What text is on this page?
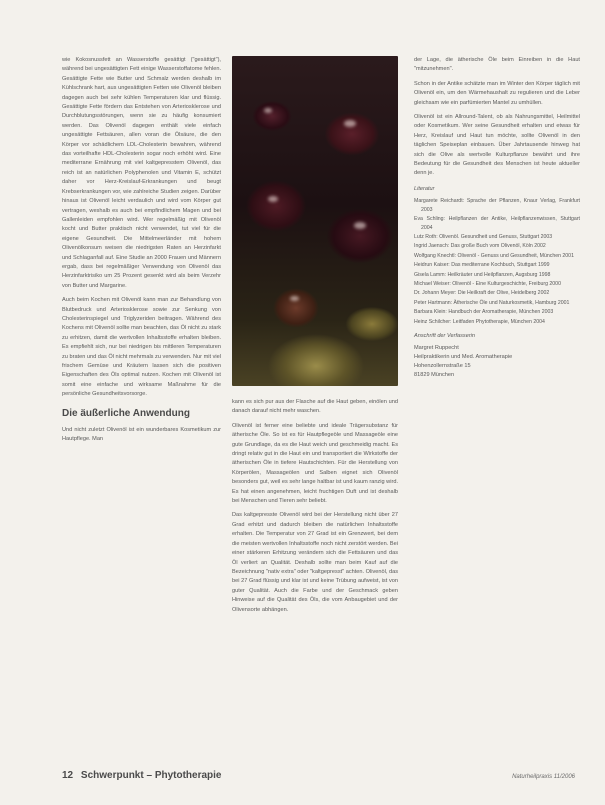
wie Kokosnussfett an Wasserstoffe gesättigt ("gesättigt"), während bei ungesättigten Fett einige Wasserstoffatome fehlen. Gesättigte Fette wie Butter und Schmalz werden deshalb im Kühlschrank hart, aus ungesättigten Fetten wie Olivenöl bleiben dagegen auch bei sehr kühlen Temperaturen klar und flüssig. Gesättigte Fette fördern das Entstehen von Arteriosklerose und Durchblutungsstörungen, wenn sie zu häufig konsumiert werden. Das Olivenöl dagegen enthält viele einfach ungesättigte Fettsäuren, allen voran die Ölsäure, die den Körper vor schädlichem LDL-Cholesterin bewahren, während das vorteilhafte HDL-Cholesterin sogar noch erhöht wird. Eine mediterrane Ernährung mit viel kaltgepresstem Olivenöl, das reich ist an natürlichen Polyphenolen und Vitamin E, schützt daher vor Herz-Kreislauf-Erkrankungen und beugt Krebserkrankungen vor, wie zahlreiche Studien zeigen. Darüber hinaus ist Olivenöl leicht verdaulich und wird vom Körper gut vertragen, weshalb es auch bei empfindlichem Magen und bei Gallenleiden empfohlen wird. Wer regelmäßig mit Olivenöl kocht und Butter praktisch nicht verwendet, tut viel für die eigene Gesundheit. Die Mittelmeerländer mit hohem Olivenölkonsum weisen die niedrigsten Raten an Herzinfarkt und Schlaganfall auf. Eine Studie an 2000 Frauen und Männern ergab, dass bei regelmäßiger Verwendung von Olivenöl das Herzinfarktrisiko um 25 Prozent gesenkt wird als beim Verzehr von Butter und Margarine.

Auch beim Kochen mit Olivenöl kann man zur Behandlung von Blutbedruck und Arteriosklerose sowie zur Senkung von Cholesterinspiegel und Triglyzeriden beitragen. Während des Kochens mit Olivenöl sollte man beachten, das Öl nicht zu stark zu erhitzen, damit die wertvollen Inhaltsstoffe erhalten bleiben. Es empfiehlt sich, nur bei niedrigen bis mittleren Temperaturen zu braten und das Öl nicht mehrmals zu verwenden. Nur mit viel frischem Gemüse und Kräutern lassen sich die positiven Eigenschaften des Öls optimal nutzen. Kochen mit Olivenöl ist somit eine einfache und wirksame Maßnahme für die persönliche Gesundheitsvorsorge.

Die äußerliche Anwendung

Und nicht zuletzt Olivenöl ist ein wunderbares Kosmetikum zur Hautpflege. Man

kann es sich pur aus der Flasche auf die Haut geben, einölen und danach darauf nicht mehr waschen.

Olivenöl ist ferner eine beliebte und ideale Trägersubstanz für ätherische Öle. So ist es für Hautpflegeöle und Massageöle eine gute Grundlage, da es die Haut weich und geschmeidig macht. Es dringt relativ gut in die Haut ein und transportiert die Wirkstoffe der ätherischen Öle in tiefere Hautschichten. Für die Herstellung von Körperölen, Massageölen und Salben eignet sich Olivenöl besonders gut, weil es sehr lange haltbar ist und kaum ranzig wird. Es hat einen angenehmen, leicht fruchtigen Duft und ist deshalb bei Menschen und Tieren sehr beliebt.

Das kaltgepresste Olivenöl wird bei der Herstellung nicht über 27 Grad erhitzt und dadurch bleiben die natürlichen Inhaltsstoffe erhalten. Die Temperatur von 27 Grad ist ein Grenzwert, bei dem die meisten wertvollen Inhaltsstoffe noch nicht zerstört werden. Bei einer stärkeren Erhitzung verändern sich die Fettsäuren und das Öl verliert an Qualität. Deshalb sollte man beim Kauf auf die Bezeichnung "nativ extra" oder "kaltgepresst" achten. Olivenöl, das bei 27 Grad flüssig und klar ist und keine Trübung aufweist, ist von guter Qualität. Auch die Farbe und der Geschmack geben Hinweise auf die Qualität des Öls, die vom Anbaugebiet und der Olivensorte abhängen.

der Lage, die ätherische Öle beim Einreiben in die Haut "mitzunehmen".

Schon in der Antike schätzte man im Winter den Körper täglich mit Olivenöl ein, um den Wärmehaushalt zu regulieren und die Leber gleichsam wie ein parfümierten Mantel zu umhüllen.

Olivenöl ist ein Allround-Talent, ob als Nahrungsmittel, Heilmittel oder Kosmetikum. Wer seine Gesundheit erhalten und etwas für Herz, Kreislauf und Haut tun möchte, sollte Olivenöl in den täglichen Speiseplan einbauen. Über Jahrtausende hinweg hat sich die Olive als wertvolle Kulturpflanze bewährt und ihre Bedeutung für die Gesundheit des Menschen ist heute aktueller denn je.

Literatur
Margarete Reichardt: Sprache der Pflanzen, Knaur Verlag, Frankfurt 2003
Eva Schling: Heilpflanzen der Antike, Heilpflanzenwissen, Stuttgart 2004
Lutz Roth: Olivenöl. Gesundheit und Genuss, Stuttgart 2003
Ingrid Jaensch: Das große Buch vom Olivenöl, Köln 2002
Wolfgang Knechtl: Olivenöl - Genuss und Gesundheit, München 2001
Heidrun Kaiser: Das mediterrane Kochbuch, Stuttgart 1999
Gisela Lamm: Heilkräuter und Heilpflanzen, Augsburg 1998
Michael Weiser: Olivenöl - Eine Kulturgeschichte, Freiburg 2000
Dr. Johann Meyer: Die Heilkraft der Olive, Heidelberg 2002
Peter Hartmann: Ätherische Öle und Naturkosmetik, Hamburg 2001
Barbara Klein: Handbuch der Aromatherapie, München 2003
Heinz Schilcher: Leitfaden Phytotherapie, München 2004
Anschrift der Verfasserin

Margret Ruppecht

Heilpraktikerin und Med. Aromatherapie

Hohenzollernstraße 15

81829 München

12 Schwerpunkt – Phytotherapie	Naturheilpraxis 11/2006
